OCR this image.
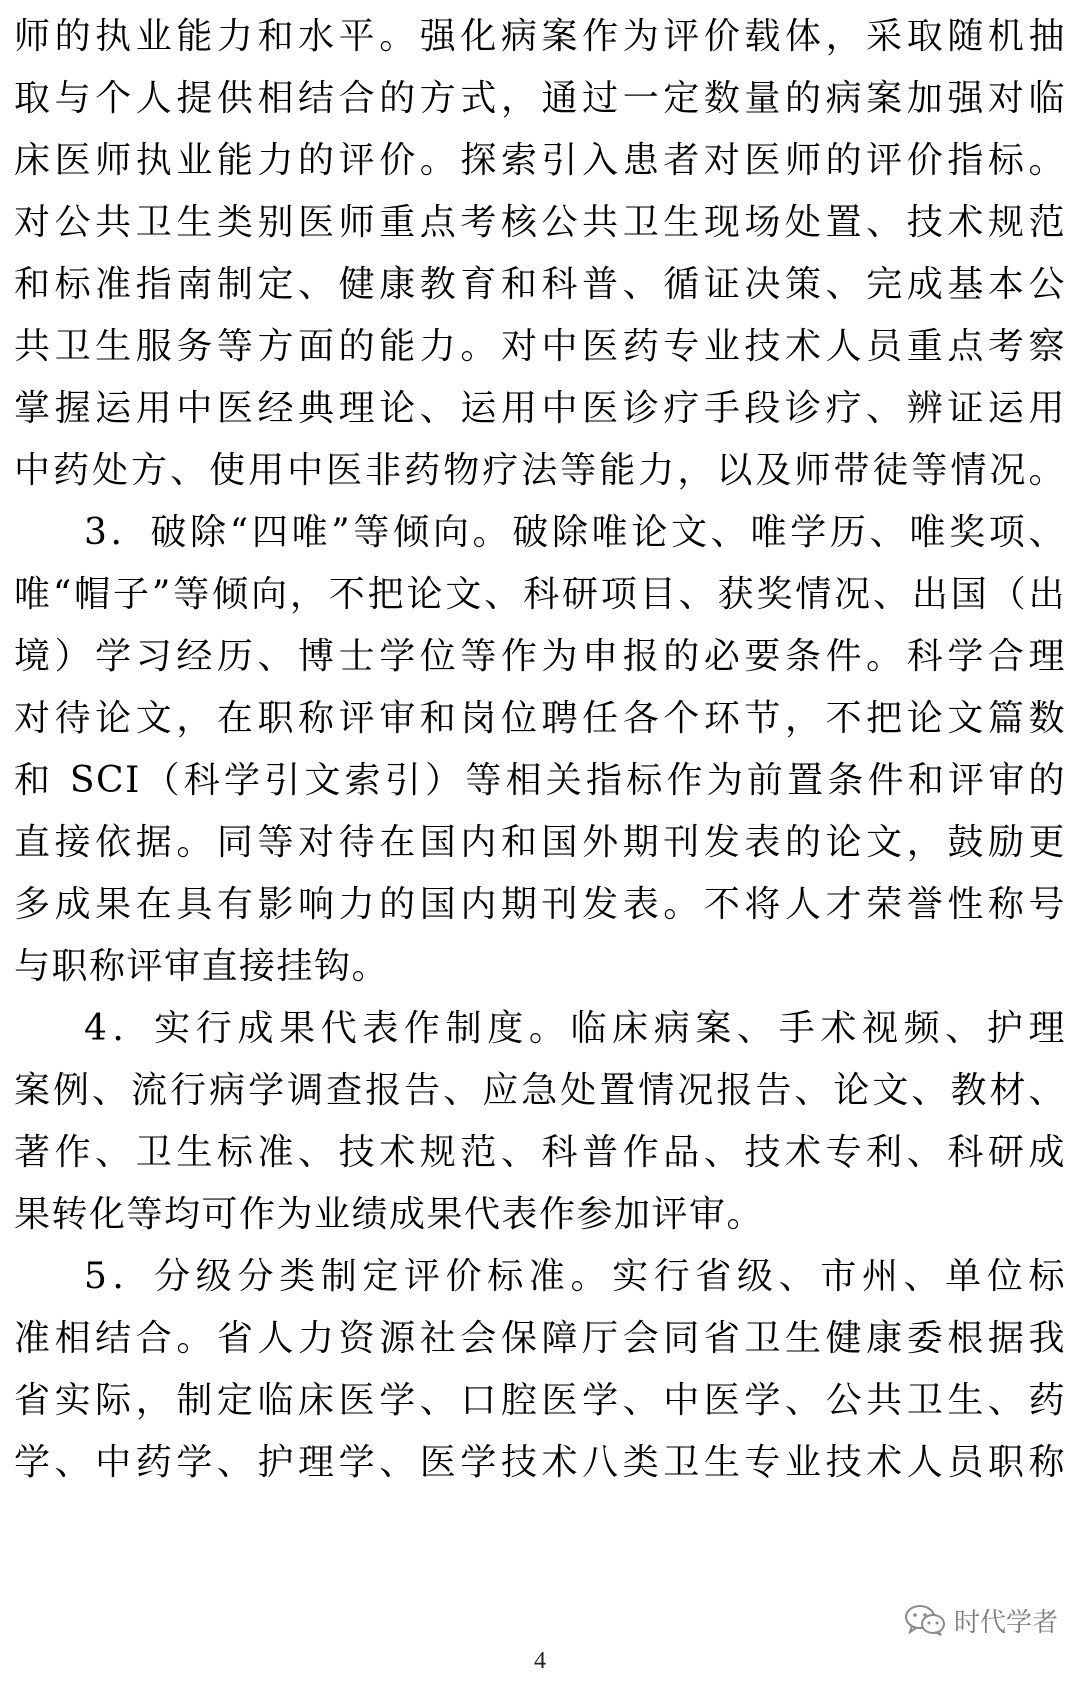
师的执业能力和水平。强化病案作为评价载体，采取随机抽
取与个人提供相结合的方式，通过一定数量的病案加强对临
床医师执业能力的评价。探索引入患者对医师的评价指标。
对公共卫生类别医师重点考核公共卫生现场处置、技术规范
和标准指南制定、健康教育和科普、循证决策、完成基本公
共卫生服务等方面的能力。对中医药专业技术人员重点考察
掌握运用中医经典理论、运用中医诊疗手段诊疗、辨证运用
中药处方、使用中医非药物疗法等能力，以及师带徒等情况。
3．破除“四唯”等倾向。破除唯论文、唯学历、唯奖项、
唯“帽子”等倾向，不把论文、科研项目、获奖情况、出国（出
境）学习经历、博士学位等作为申报的必要条件。科学合理
对待论文，在职称评审和岗位聘任各个环节，不把论文篇数
和 SCI（科学引文索引）等相关指标作为前置条件和评审的
直接依据。同等对待在国内和国外期刊发表的论文，鼓励更
多成果在具有影响力的国内期刊发表。不将人才荣誉性称号
与职称评审直接挂钩。
4．实行成果代表作制度。临床病案、手术视频、护理
案例、流行病学调查报告、应急处置情况报告、论文、教材、
著作、卫生标准、技术规范、科普作品、技术专利、科研成
果转化等均可作为业绩成果代表作参加评审。
5．分级分类制定评价标准。实行省级、市州、单位标
准相结合。省人力资源社会保障厅会同省卫生健康委根据我
省实际，制定临床医学、口腔医学、中医学、公共卫生、药
学、中药学、护理学、医学技术八类卫生专业技术人员职称
时代学者
4
